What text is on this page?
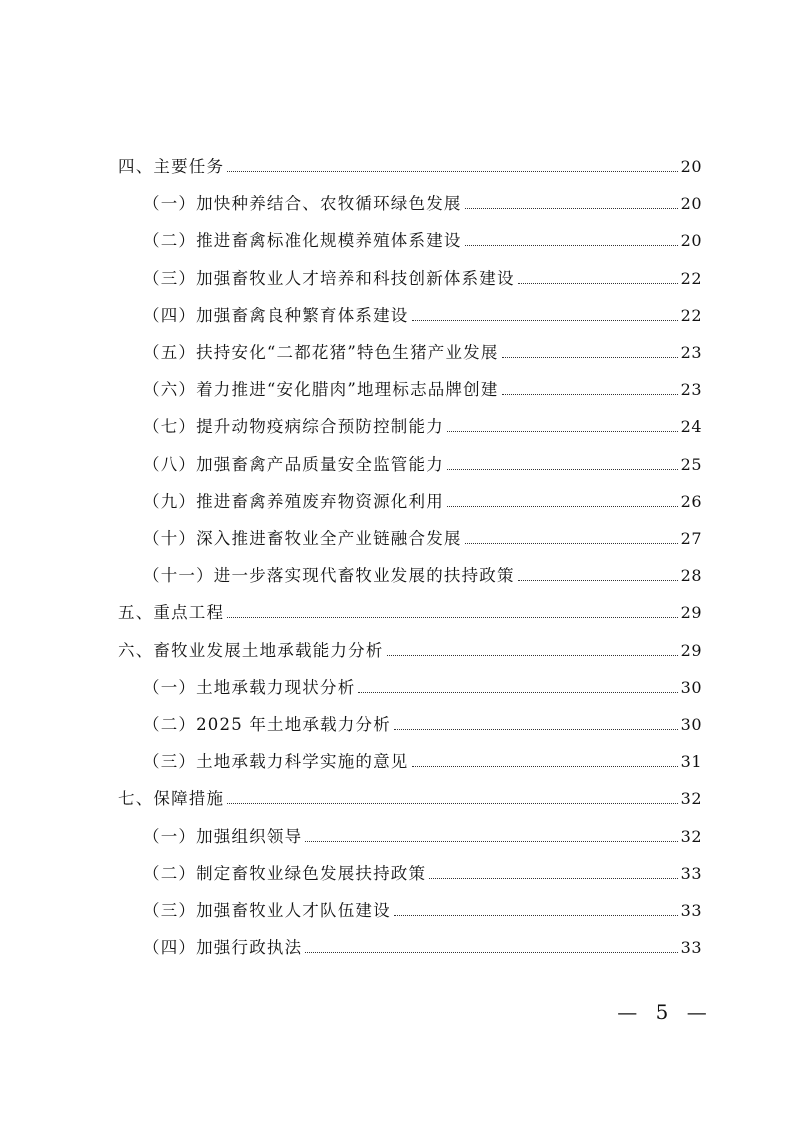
四、主要任务	20
（一）加快种养结合、农牧循环绿色发展	20
（二）推进畜禽标准化规模养殖体系建设	20
（三）加强畜牧业人才培养和科技创新体系建设	22
（四）加强畜禽良种繁育体系建设	22
（五）扶持安化“二都花猪”特色生猪产业发展	23
（六）着力推进“安化腊肉”地理标志品牌创建	23
（七）提升动物疫病综合预防控制能力	24
（八）加强畜禽产品质量安全监管能力	25
（九）推进畜禽养殖废弃物资源化利用	26
（十）深入推进畜牧业全产业链融合发展	27
（十一）进一步落实现代畜牧业发展的扶持政策	28
五、重点工程	29
六、畜牧业发展土地承载能力分析	29
（一）土地承载力现状分析	30
（二）2025 年土地承载力分析	30
（三）土地承载力科学实施的意见	31
七、保障措施	32
（一）加强组织领导	32
（二）制定畜牧业绿色发展扶持政策	33
（三）加强畜牧业人才队伍建设	33
（四）加强行政执法	33
— 5 —
